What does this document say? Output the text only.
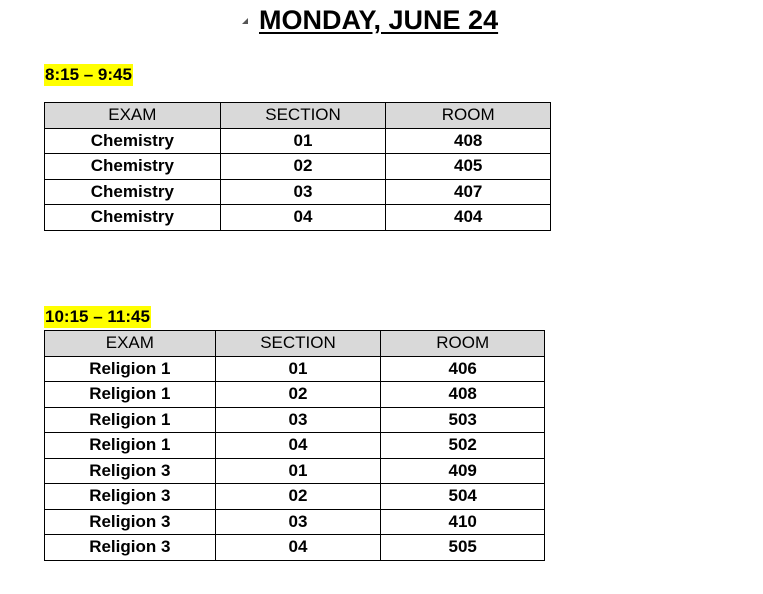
MONDAY, JUNE 24
8:15 – 9:45
EXAM	SECTION	ROOM
Chemistry	01	408
Chemistry	02	405
Chemistry	03	407
Chemistry	04	404
10:15 – 11:45
EXAM	SECTION	ROOM
Religion 1	01	406
Religion 1	02	408
Religion 1	03	503
Religion 1	04	502
Religion 3	01	409
Religion 3	02	504
Religion 3	03	410
Religion 3	04	505
